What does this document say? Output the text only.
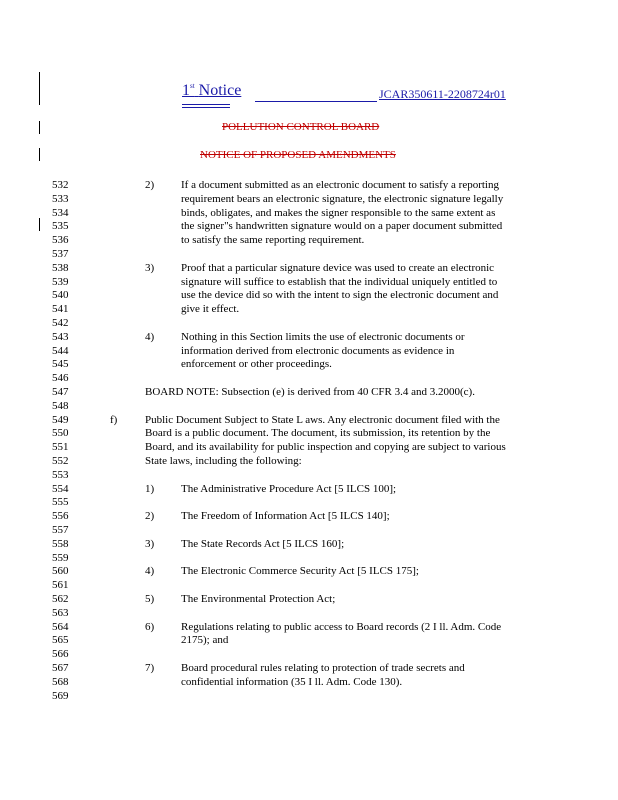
1st Notice	JCAR350611-2208724r01
POLLUTION CONTROL BOARD
NOTICE OF PROPOSED AMENDMENTS
532
533
534
535
536
537
538
539
540
541
542
543
544
545
546
547
548
549
550
551
552
553
554
555
556
557
558
559
560
561
562
563
564
565
566
567
568
569
2) If a document submitted as an electronic document to satisfy a reporting
requirement bears an electronic signature, the electronic signature legally
binds, obligates, and makes the signer responsible to the same extent as
the signer"s handwritten signature would on a paper document submitted
to satisfy the same reporting requirement.
3) Proof that a particular signature device was used to create an electronic
signature will suffice to establish that the individual uniquely entitled to
use the device did so with the intent to sign the electronic document and
give it effect.
4) Nothing in this Section limits the use of electronic documents or
information derived from electronic documents as evidence in
enforcement or other proceedings.
BOARD NOTE: Subsection (e) is derived from 40 CFR 3.4 and 3.2000(c).
f)	Public Document Subject to State L aws. Any electronic document filed with the
Board is a public document. The document, its submission, its retention by the
Board, and its availability for public inspection and copying are subject to various
State laws, including the following:
1) The Administrative Procedure Act [5 ILCS 100];
2) The Freedom of Information Act [5 ILCS 140];
3) The State Records Act [5 ILCS 160];
4) The Electronic Commerce Security Act [5 ILCS 175];
5) The Environmental Protection Act;
6) Regulations relating to public access to Board records (2 I ll. Adm. Code
2175); and
7) Board procedural rules relating to protection of trade secrets and
confidential information (35 I ll. Adm. Code 130).
